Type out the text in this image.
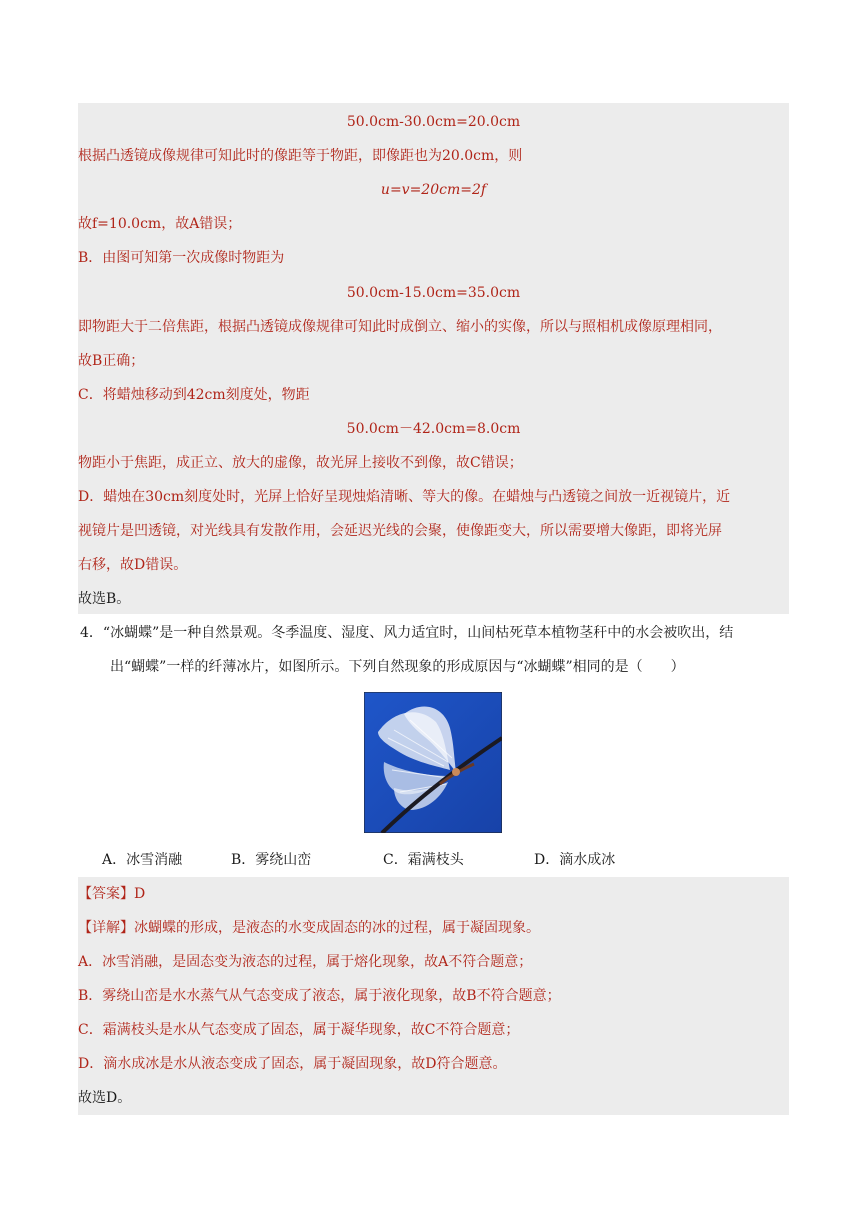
50.0cm-30.0cm=20.0cm
根据凸透镜成像规律可知此时的像距等于物距，即像距也为20.0cm，则
u=v=20cm=2f
故f=10.0cm，故A错误；
B．由图可知第一次成像时物距为
50.0cm-15.0cm=35.0cm
即物距大于二倍焦距，根据凸透镜成像规律可知此时成倒立、缩小的实像，所以与照相机成像原理相同，
故B正确；
C．将蜡烛移动到42cm刻度处，物距
50.0cm－42.0cm=8.0cm
物距小于焦距，成正立、放大的虚像，故光屏上接收不到像，故C错误；
D．蜡烛在30cm刻度处时，光屏上恰好呈现烛焰清晰、等大的像。在蜡烛与凸透镜之间放一近视镜片，近
视镜片是凹透镜，对光线具有发散作用，会延迟光线的会聚，使像距变大，所以需要增大像距，即将光屏
右移，故D错误。
故选B。
4．“冰蝴蝶”是一种自然景观。冬季温度、湿度、风力适宜时，山间枯死草本植物茎秆中的水会被吹出，结
出“蝴蝶”一样的纤薄冰片，如图所示。下列自然现象的形成原因与“冰蝴蝶”相同的是（　　）
A．冰雪消融	B．雾绕山峦	C．霜满枝头	D．滴水成冰
【答案】D
【详解】冰蝴蝶的形成，是液态的水变成固态的冰的过程，属于凝固现象。
A．冰雪消融，是固态变为液态的过程，属于熔化现象，故A不符合题意；
B．雾绕山峦是水水蒸气从气态变成了液态，属于液化现象，故B不符合题意；
C．霜满枝头是水从气态变成了固态，属于凝华现象，故C不符合题意；
D．滴水成冰是水从液态变成了固态，属于凝固现象，故D符合题意。
故选D。
